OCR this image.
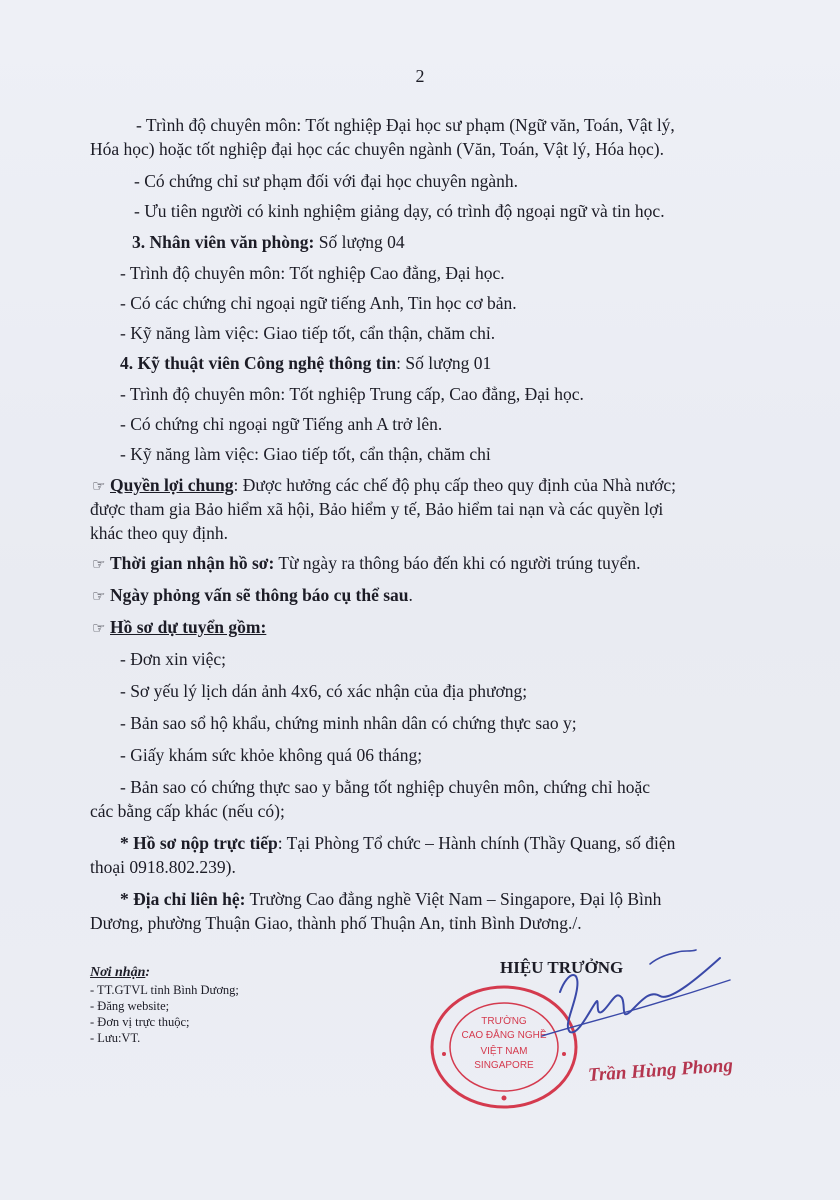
2
- Trình độ chuyên môn: Tốt nghiệp Đại học sư phạm (Ngữ văn, Toán, Vật lý,
Hóa học) hoặc tốt nghiệp đại học các chuyên ngành (Văn, Toán, Vật lý, Hóa học).
- Có chứng chỉ sư phạm đối với đại học chuyên ngành.
- Ưu tiên người có kinh nghiệm giảng dạy, có trình độ ngoại ngữ và tin học.
3. Nhân viên văn phòng: Số lượng 04
- Trình độ chuyên môn: Tốt nghiệp Cao đẳng, Đại học.
- Có các chứng chỉ ngoại ngữ tiếng Anh, Tin học cơ bản.
- Kỹ năng làm việc: Giao tiếp tốt, cẩn thận, chăm chỉ.
4. Kỹ thuật viên Công nghệ thông tin: Số lượng 01
- Trình độ chuyên môn: Tốt nghiệp Trung cấp, Cao đẳng, Đại học.
- Có chứng chỉ ngoại ngữ Tiếng anh A trở lên.
- Kỹ năng làm việc: Giao tiếp tốt, cẩn thận, chăm chỉ
☞ Quyền lợi chung: Được hưởng các chế độ phụ cấp theo quy định của Nhà nước;
được tham gia Bảo hiểm xã hội, Bảo hiểm y tế, Bảo hiểm tai nạn và các quyền lợi
khác theo quy định.
☞ Thời gian nhận hồ sơ: Từ ngày ra thông báo đến khi có người trúng tuyển.
☞ Ngày phỏng vấn sẽ thông báo cụ thể sau.
☞ Hồ sơ dự tuyển gồm:
- Đơn xin việc;
- Sơ yếu lý lịch dán ảnh 4x6, có xác nhận của địa phương;
- Bản sao sổ hộ khẩu, chứng minh nhân dân có chứng thực sao y;
- Giấy khám sức khỏe không quá 06 tháng;
- Bản sao có chứng thực sao y bằng tốt nghiệp chuyên môn, chứng chỉ hoặc
các bằng cấp khác (nếu có);
* Hồ sơ nộp trực tiếp: Tại Phòng Tổ chức – Hành chính (Thầy Quang, số điện
thoại 0918.802.239).
* Địa chỉ liên hệ: Trường Cao đẳng nghề Việt Nam – Singapore, Đại lộ Bình
Dương, phường Thuận Giao, thành phố Thuận An, tỉnh Bình Dương./.
Nơi nhận:
- TT.GTVL tỉnh Bình Dương;
- Đăng website;
- Đơn vị trực thuộc;
- Lưu:VT.
HIỆU TRƯỞNG
TRƯỜNG
CAO ĐẲNG NGHỀ
VIỆT NAM
SINGAPORE	Trần Hùng Phong
